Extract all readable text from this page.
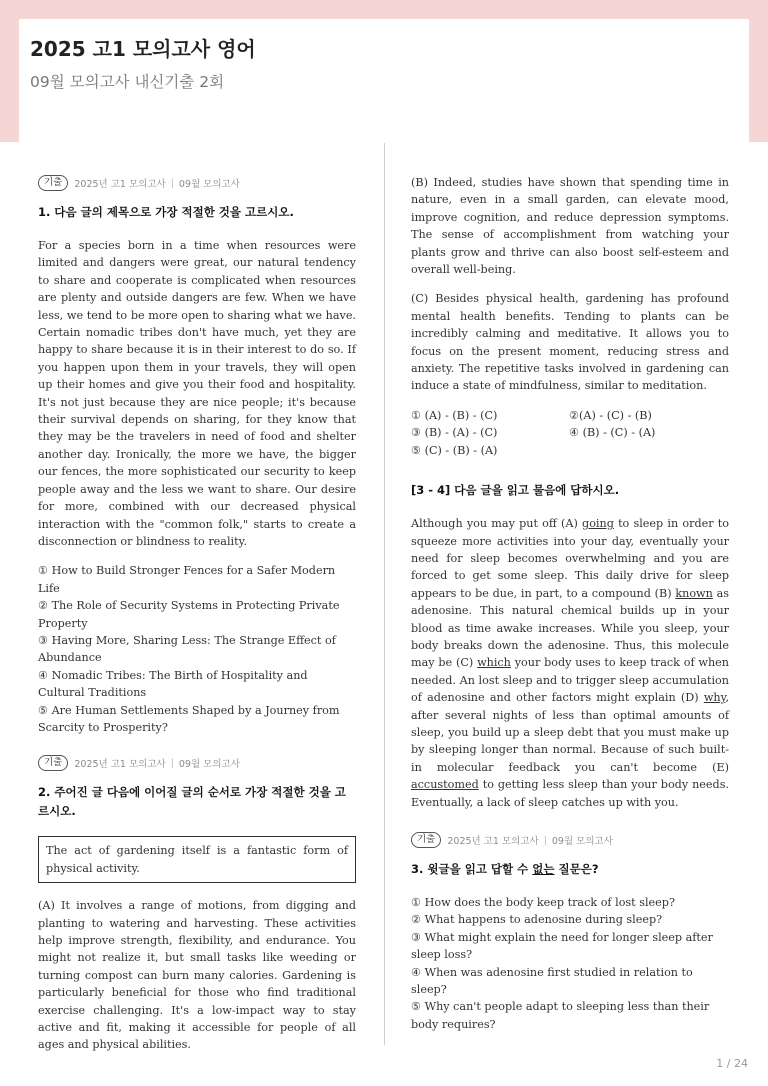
2025 고1 모의고사 영어
09월 모의고사 내신기출 2회
기출	2025년 고1 모의고사 | 09월 모의고사
1. 다음 글의 제목으로 가장 적절한 것을 고르시오.

For a species born in a time when resources were limited and dangers were great, our natural tendency to share and cooperate is complicated when resources are plenty and outside dangers are few. When we have less, we tend to be more open to sharing what we have. Certain nomadic tribes don't have much, yet they are happy to share because it is in their interest to do so. If you happen upon them in your travels, they will open up their homes and give you their food and hospitality. It's not just because they are nice people; it's because their survival depends on sharing, for they know that they may be the travelers in need of food and shelter another day. Ironically, the more we have, the bigger our fences, the more sophisticated our security to keep people away and the less we want to share. Our desire for more, combined with our decreased physical interaction with the "common folk," starts to create a disconnection or blindness to reality.

① How to Build Stronger Fences for a Safer Modern Life
② The Role of Security Systems in Protecting Private Property
③ Having More, Sharing Less: The Strange Effect of Abundance
④ Nomadic Tribes: The Birth of Hospitality and Cultural Traditions
⑤ Are Human Settlements Shaped by a Journey from Scarcity to Prosperity?
기출	2025년 고1 모의고사 | 09월 모의고사
2. 주어진 글 다음에 이어질 글의 순서로 가장 적절한 것을 고르시오.

The act of gardening itself is a fantastic form of physical activity.

(A) It involves a range of motions, from digging and planting to watering and harvesting. These activities help improve strength, flexibility, and endurance. You might not realize it, but small tasks like weeding or turning compost can burn many calories. Gardening is particularly beneficial for those who find traditional exercise challenging. It's a low-impact way to stay active and fit, making it accessible for people of all ages and physical abilities.

(B) Indeed, studies have shown that spending time in nature, even in a small garden, can elevate mood, improve cognition, and reduce depression symptoms. The sense of accomplishment from watching your plants grow and thrive can also boost self-esteem and overall well-being.

(C) Besides physical health, gardening has profound mental health benefits. Tending to plants can be incredibly calming and meditative. It allows you to focus on the present moment, reducing stress and anxiety. The repetitive tasks involved in gardening can induce a state of mindfulness, similar to meditation.

① (A) - (B) - (C)	②(A) - (C) - (B)
③ (B) - (A) - (C)	④ (B) - (C) - (A)
⑤ (C) - (B) - (A)
[3 - 4] 다음 글을 읽고 물음에 답하시오.

Although you may put off (A) going to sleep in order to squeeze more activities into your day, eventually your need for sleep becomes overwhelming and you are forced to get some sleep. This daily drive for sleep appears to be due, in part, to a compound (B) known as adenosine. This natural chemical builds up in your blood as time awake increases. While you sleep, your body breaks down the adenosine. Thus, this molecule may be (C) which your body uses to keep track of when needed. An lost sleep and to trigger sleep accumulation of adenosine and other factors might explain (D) why, after several nights of less than optimal amounts of sleep, you build up a sleep debt that you must make up by sleeping longer than normal. Because of such built-in molecular feedback you can't become (E) accustomed to getting less sleep than your body needs. Eventually, a lack of sleep catches up with you.

기출	2025년 고1 모의고사 | 09월 모의고사
3. 윗글을 읽고 답할 수 없는 질문은?
① How does the body keep track of lost sleep?
② What happens to adenosine during sleep?
③ What might explain the need for longer sleep after sleep loss?
④ When was adenosine first studied in relation to sleep?
⑤ Why can't people adapt to sleeping less than their body requires?
1 / 24
